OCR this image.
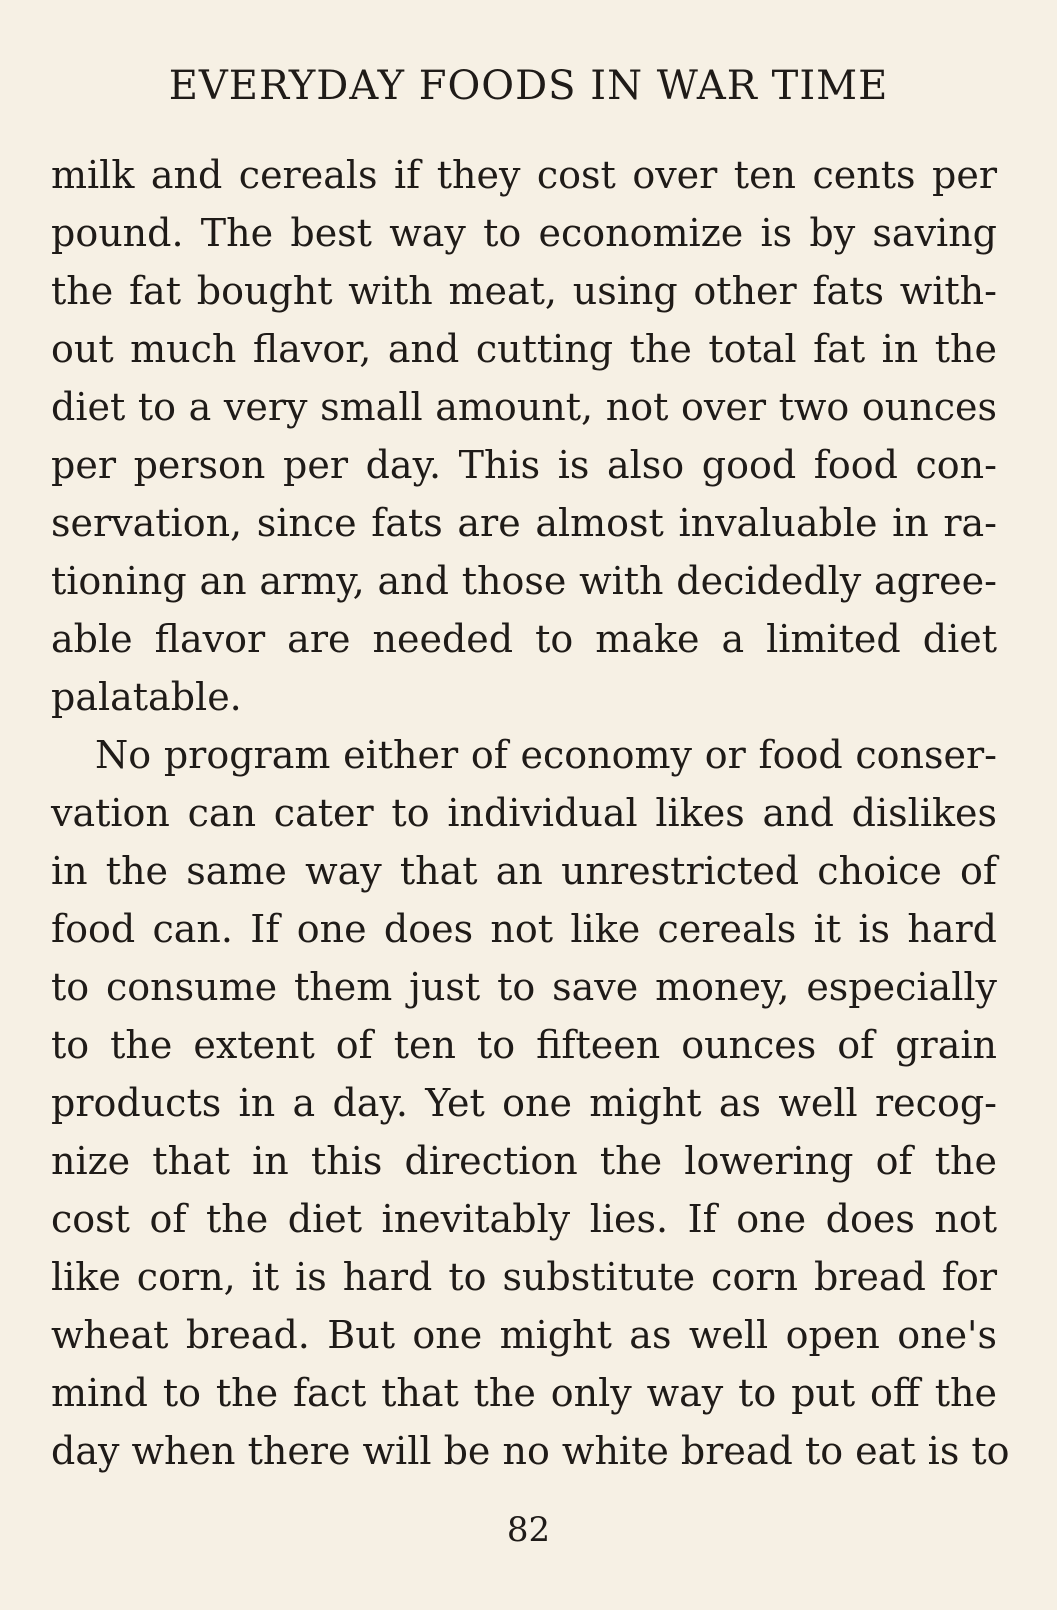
EVERYDAY FOODS IN WAR TIME
milk and cereals if they cost over ten cents per
pound. The best way to economize is by saving
the fat bought with meat, using other fats with-
out much flavor, and cutting the total fat in the
diet to a very small amount, not over two ounces
per person per day. This is also good food con-
servation, since fats are almost invaluable in ra-
tioning an army, and those with decidedly agree-
able flavor are needed to make a limited diet
palatable.
No program either of economy or food conser-
vation can cater to individual likes and dislikes
in the same way that an unrestricted choice of
food can. If one does not like cereals it is hard
to consume them just to save money, especially
to the extent of ten to fifteen ounces of grain
products in a day. Yet one might as well recog-
nize that in this direction the lowering of the
cost of the diet inevitably lies. If one does not
like corn, it is hard to substitute corn bread for
wheat bread. But one might as well open one's
mind to the fact that the only way to put off the
day when there will be no white bread to eat is to
82
